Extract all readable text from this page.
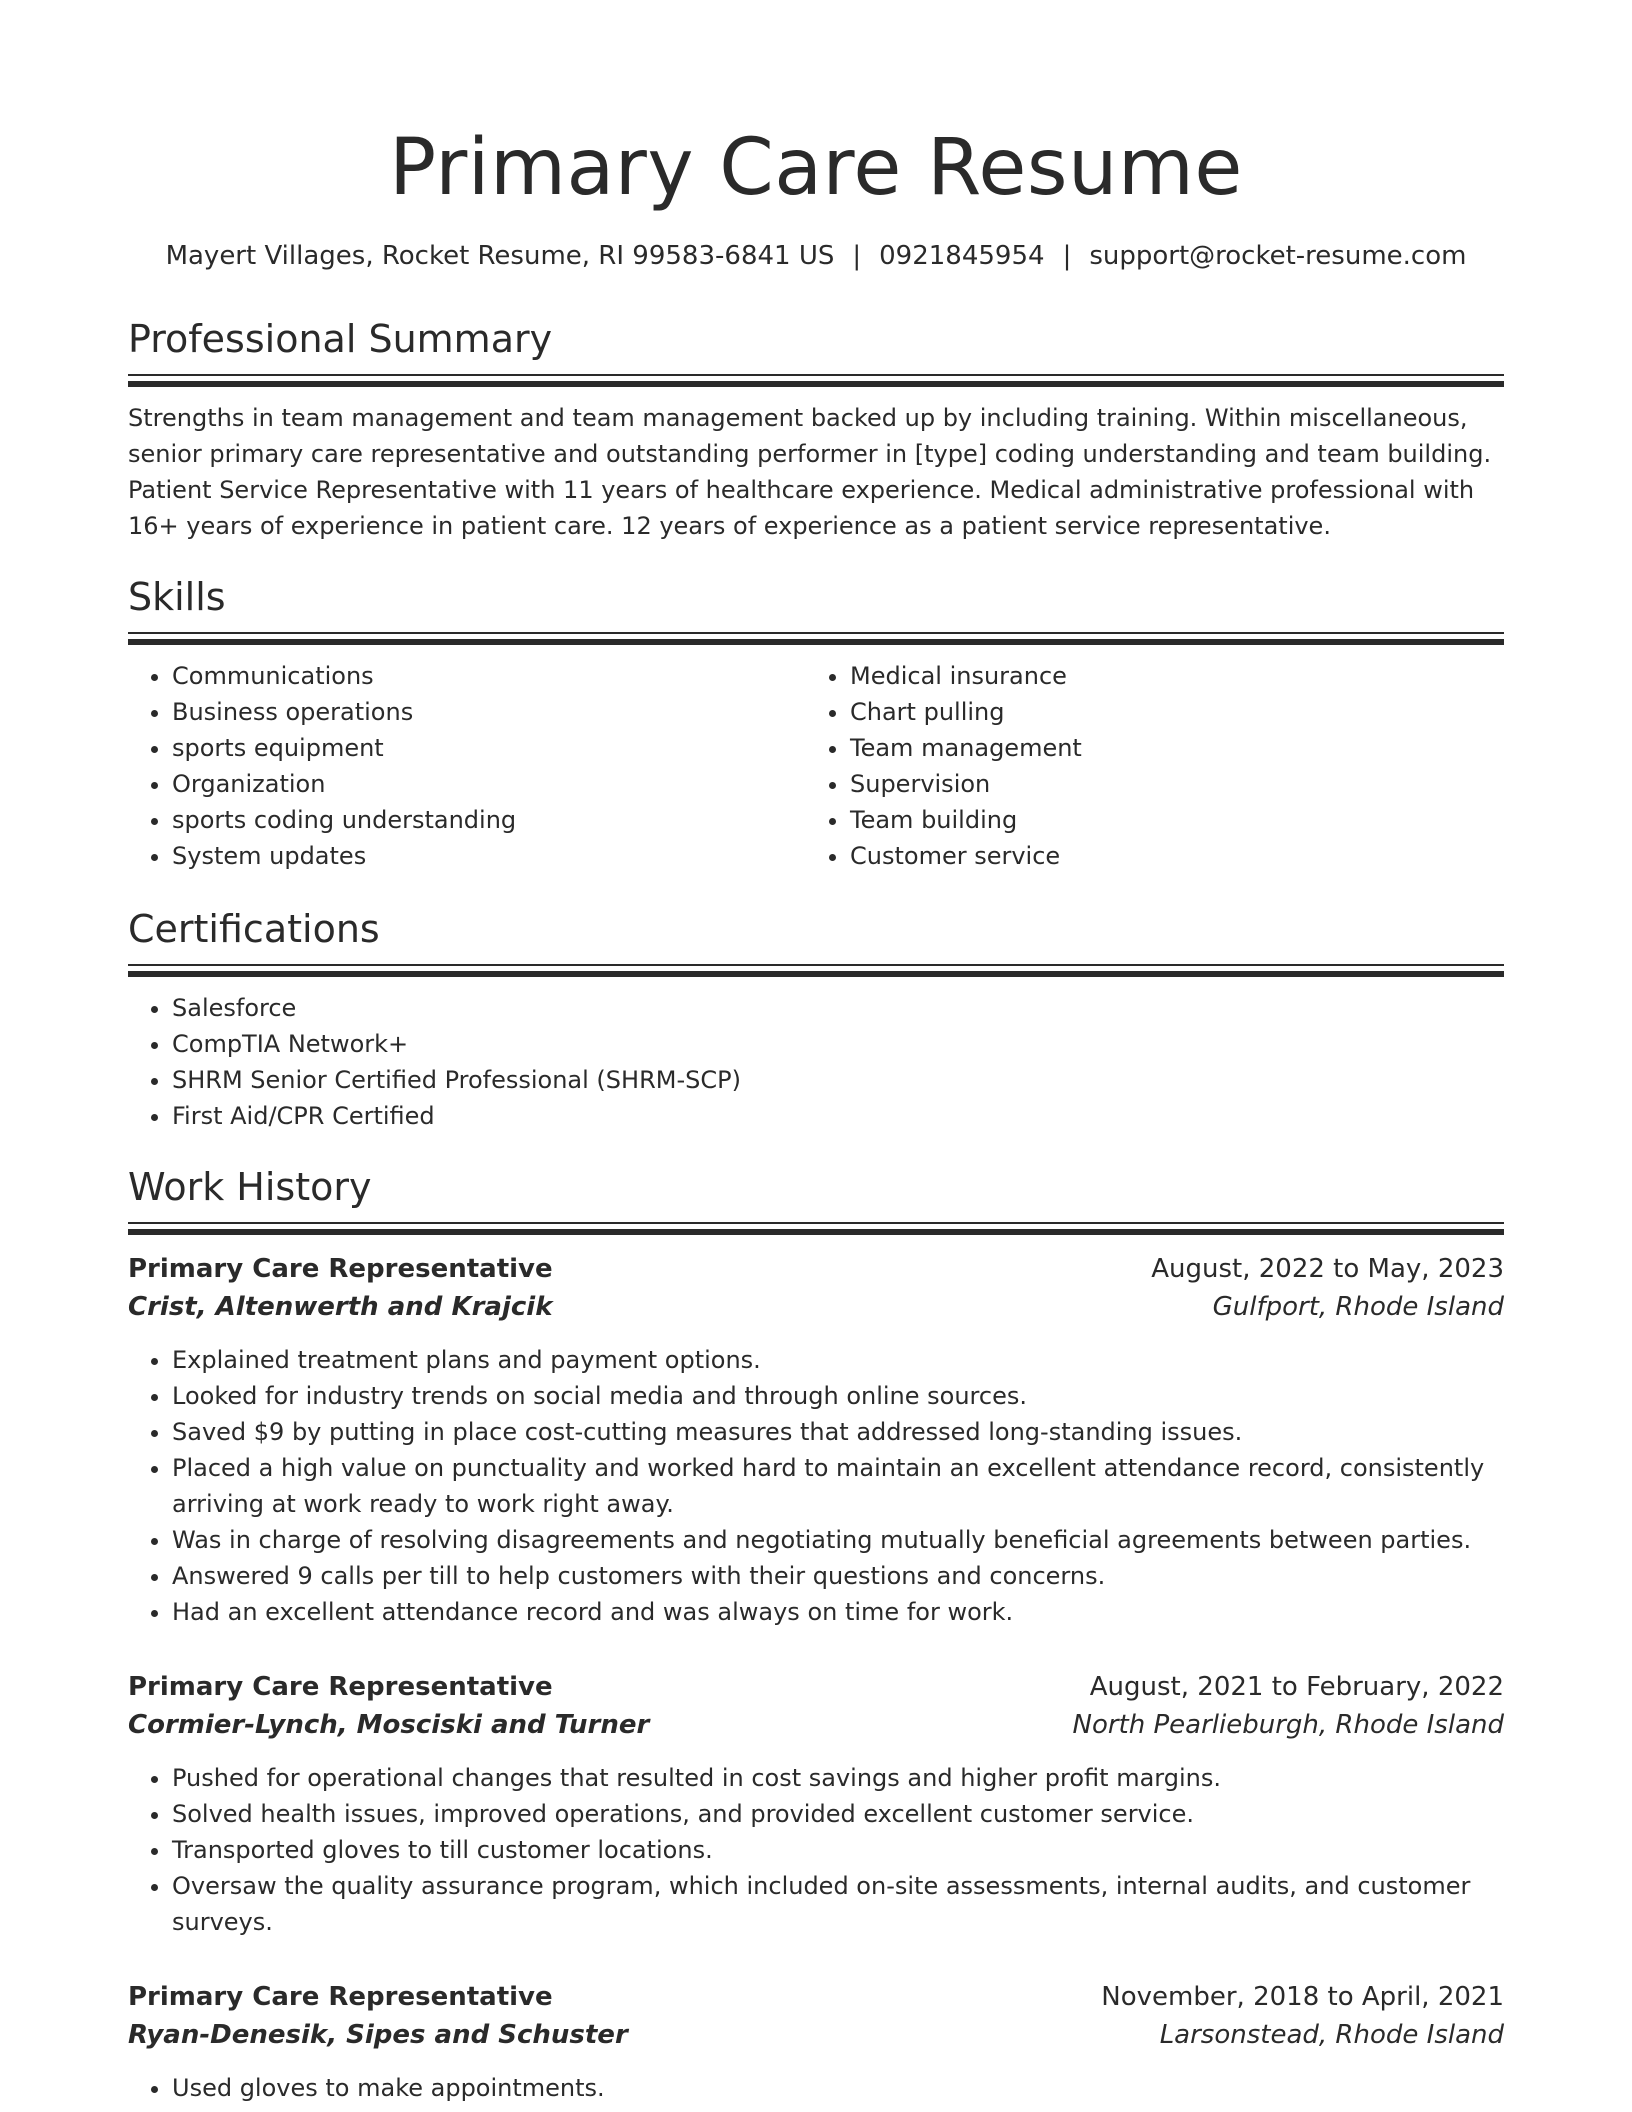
Primary Care Resume
Mayert Villages, Rocket Resume, RI 99583-6841 US | 0921845954 | support@rocket-resume.com
Professional Summary

Strengths in team management and team management backed up by including training. Within miscellaneous, senior primary care representative and outstanding performer in [type] coding understanding and team building. Patient Service Representative with 11 years of healthcare experience. Medical administrative professional with 16+ years of experience in patient care. 12 years of experience as a patient service representative.

Skills
• Communications
• Business operations
• sports equipment
• Organization
• sports coding understanding
• System updates
• Medical insurance
• Chart pulling
• Team management
• Supervision
• Team building
• Customer service
Certifications
• Salesforce
• CompTIA Network+
• SHRM Senior Certified Professional (SHRM-SCP)
• First Aid/CPR Certified
Work History
Primary Care Representative	August, 2022 to May, 2023
Crist, Altenwerth and Krajcik	Gulfport, Rhode Island
• Explained treatment plans and payment options.
• Looked for industry trends on social media and through online sources.
• Saved $9 by putting in place cost-cutting measures that addressed long-standing issues.
• Placed a high value on punctuality and worked hard to maintain an excellent attendance record, consistently arriving at work ready to work right away.
• Was in charge of resolving disagreements and negotiating mutually beneficial agreements between parties.
• Answered 9 calls per till to help customers with their questions and concerns.
• Had an excellent attendance record and was always on time for work.
Primary Care Representative	August, 2021 to February, 2022
Cormier-Lynch, Mosciski and Turner	North Pearlieburgh, Rhode Island
• Pushed for operational changes that resulted in cost savings and higher profit margins.
• Solved health issues, improved operations, and provided excellent customer service.
• Transported gloves to till customer locations.
• Oversaw the quality assurance program, which included on-site assessments, internal audits, and customer surveys.
Primary Care Representative	November, 2018 to April, 2021
Ryan-Denesik, Sipes and Schuster	Larsonstead, Rhode Island
• Used gloves to make appointments.
